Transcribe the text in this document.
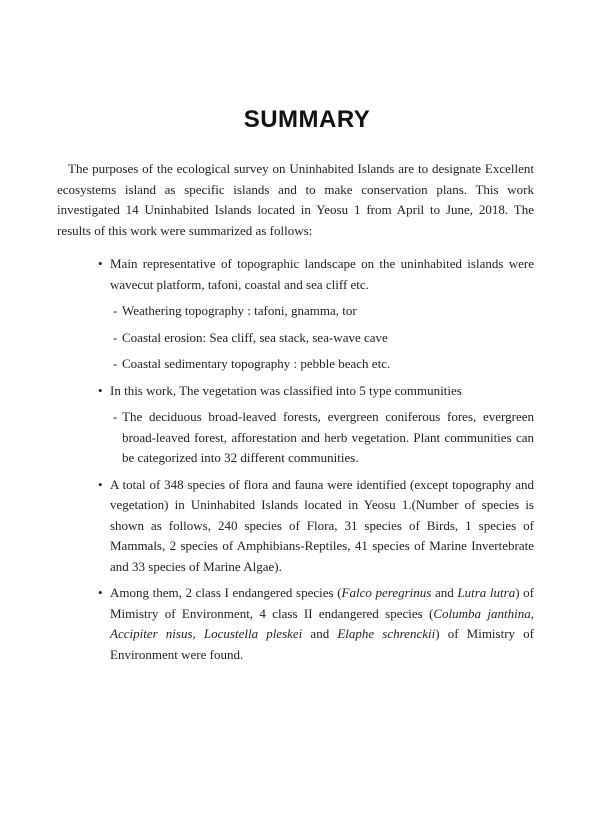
SUMMARY

The purposes of the ecological survey on Uninhabited Islands are to designate Excellent ecosystems island as specific islands and to make conservation plans. This work investigated 14 Uninhabited Islands located in Yeosu 1 from April to June, 2018. The results of this work were summarized as follows:

• Main representative of topographic landscape on the uninhabited islands were wavecut platform, tafoni, coastal and sea cliff etc.
- Weathering topography : tafoni, gnamma, tor
- Coastal erosion: Sea cliff, sea stack, sea-wave cave
- Coastal sedimentary topography : pebble beach etc.
• In this work, The vegetation was classified into 5 type communities
- The deciduous broad-leaved forests, evergreen coniferous fores, evergreen broad-leaved forest, afforestation and herb vegetation. Plant communities can be categorized into 32 different communities.
• A total of 348 species of flora and fauna were identified (except topography and vegetation) in Uninhabited Islands located in Yeosu 1.(Number of species is shown as follows, 240 species of Flora, 31 species of Birds, 1 species of Mammals, 2 species of Amphibians-Reptiles, 41 species of Marine Invertebrate and 33 species of Marine Algae).
• Among them, 2 class I endangered species (Falco peregrinus and Lutra lutra) of Mimistry of Environment, 4 class II endangered species (Columba janthina, Accipiter nisus, Locustella pleskei and Elaphe schrenckii) of Mimistry of Environment were found.
